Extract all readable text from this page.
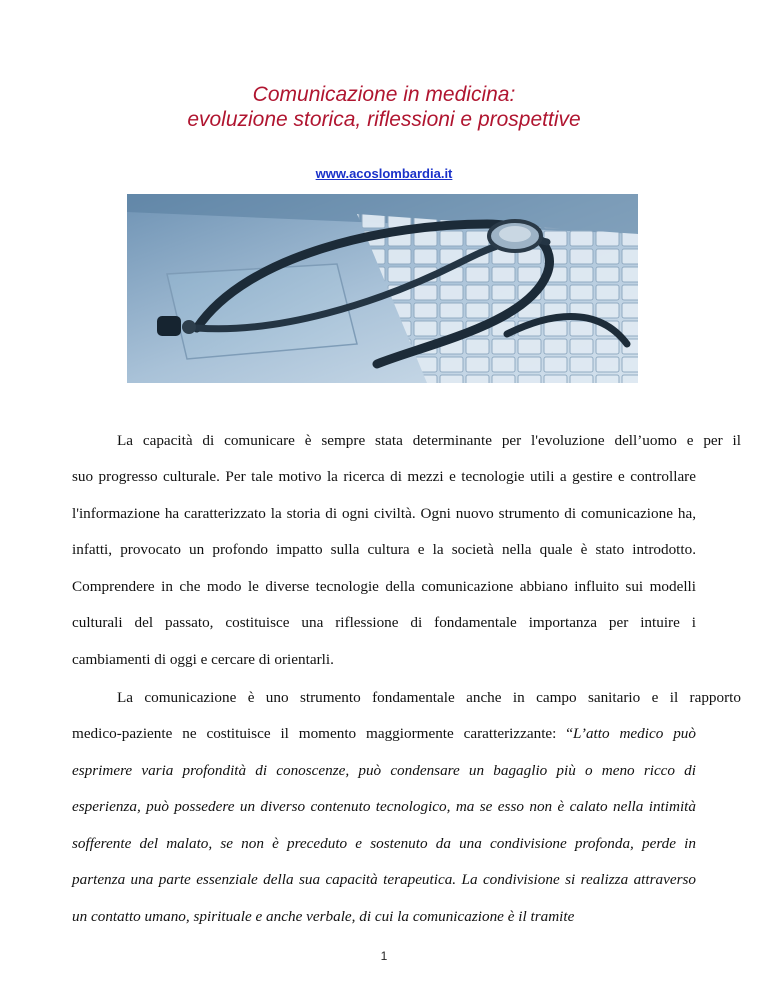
Comunicazione in medicina:
evoluzione storica, riflessioni e prospettive
www.acoslombardia.it
La capacità di comunicare è sempre stata determinante per l'evoluzione dell’uomo e per il
suo progresso culturale. Per tale motivo la ricerca di mezzi e tecnologie utili a gestire e controllare
l'informazione ha caratterizzato la storia di ogni civiltà. Ogni nuovo strumento di comunicazione ha,
infatti, provocato un profondo impatto sulla cultura e la società nella quale è stato introdotto.
Comprendere in che modo le diverse tecnologie della comunicazione abbiano influito sui modelli
culturali del passato, costituisce una riflessione di fondamentale importanza per intuire i
cambiamenti di oggi e cercare di orientarli.
La comunicazione è uno strumento fondamentale anche in campo sanitario e il rapporto
medico-paziente ne costituisce il momento maggiormente caratterizzante: “L’atto medico può
esprimere varia profondità di conoscenze, può condensare un bagaglio più o meno ricco di
esperienza, può possedere un diverso contenuto tecnologico, ma se esso non è calato nella intimità
sofferente del malato, se non è preceduto e sostenuto da una condivisione profonda, perde in
partenza una parte essenziale della sua capacità terapeutica. La condivisione si realizza attraverso
un contatto umano, spirituale e anche verbale, di cui la comunicazione è il tramite
1
